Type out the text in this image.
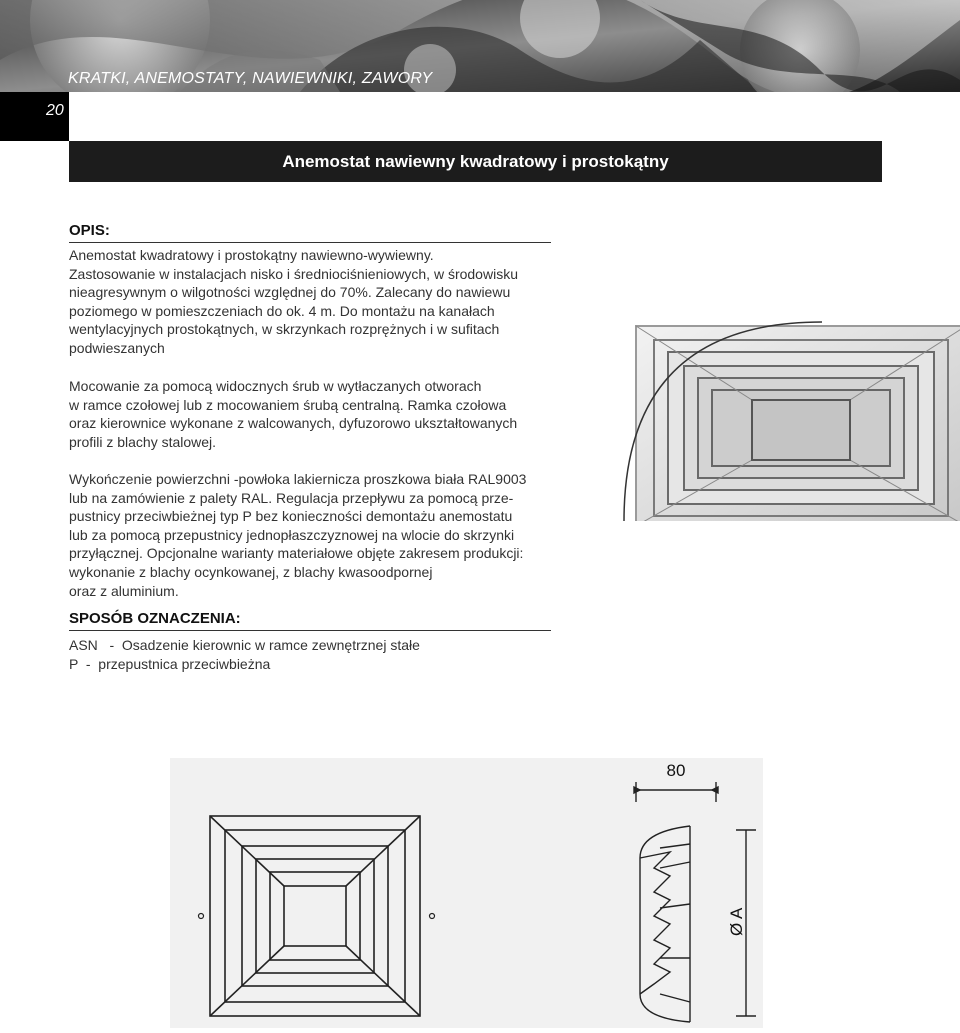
KRATKI, ANEMOSTATY, NAWIEWNIKI, ZAWORY
20
Anemostat nawiewny kwadratowy i prostokątny
OPIS:
Anemostat kwadratowy i prostokątny nawiewno-wywiewny.
Zastosowanie w instalacjach nisko i średniociśnieniowych, w środowisku
nieagresywnym o wilgotności względnej do 70%. Zalecany do nawiewu
poziomego w pomieszczeniach do ok. 4 m. Do montażu na kanałach
wentylacyjnych prostokątnych, w skrzynkach rozprężnych i w sufitach
podwieszanych
Mocowanie za pomocą widocznych śrub w wytłaczanych otworach
w ramce czołowej lub z mocowaniem śrubą centralną. Ramka czołowa
oraz kierownice wykonane z walcowanych, dyfuzorowo ukształtowanych
profili z blachy stalowej.
Wykończenie powierzchni -powłoka lakiernicza proszkowa biała RAL9003
lub na zamówienie z palety RAL. Regulacja przepływu za pomocą prze-
pustnicy przeciwbieżnej typ P bez konieczności demontażu anemostatu
lub za pomocą przepustnicy jednopłaszczyznowej na wlocie do skrzynki
przyłącznej. Opcjonalne warianty materiałowe objęte zakresem produkcji:
wykonanie z blachy ocynkowanej, z blachy kwasoodpornej
oraz z aluminium.
SPOSÓB OZNACZENIA:
ASN   -  Osadzenie kierownic w ramce zewnętrznej stałe
P  -  przepustnica przeciwbieżna
80
Ø A
